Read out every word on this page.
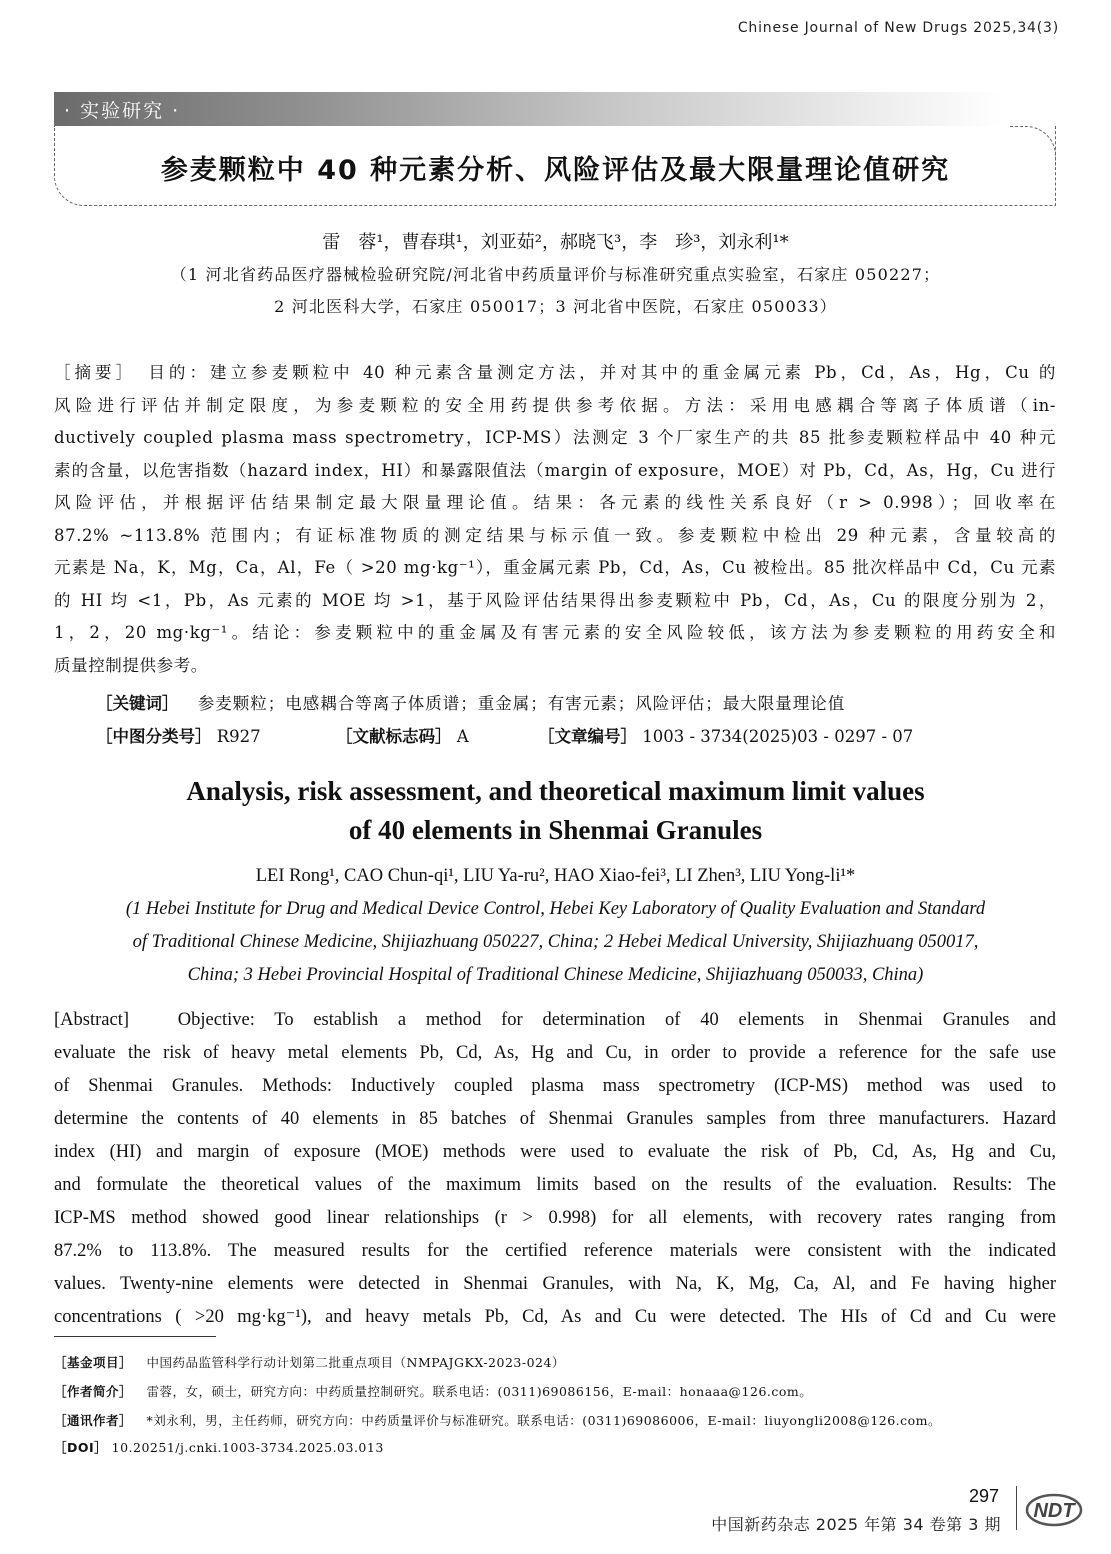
Chinese Journal of New Drugs 2025,34(3)
· 实验研究 ·
参麦颗粒中 40 种元素分析、风险评估及最大限量理论值研究
雷　蓉¹，曹春琪¹，刘亚茹²，郝晓飞³，李　珍³，刘永利¹*
（1 河北省药品医疗器械检验研究院/河北省中药质量评价与标准研究重点实验室，石家庄 050227；
2 河北医科大学，石家庄 050017；3 河北省中医院，石家庄 050033）
［摘要］　目的：建立参麦颗粒中 40 种元素含量测定方法，并对其中的重金属元素 Pb，Cd，As，Hg，Cu 的
风险进行评估并制定限度，为参麦颗粒的安全用药提供参考依据。方法：采用电感耦合等离子体质谱（in-
ductively coupled plasma mass spectrometry，ICP-MS）法测定 3 个厂家生产的共 85 批参麦颗粒样品中 40 种元
素的含量，以危害指数（hazard index，HI）和暴露限值法（margin of exposure，MOE）对 Pb，Cd，As，Hg，Cu 进行
风险评估，并根据评估结果制定最大限量理论值。结果：各元素的线性关系良好（r > 0.998）；回收率在
87.2% ~113.8% 范围内；有证标准物质的测定结果与标示值一致。参麦颗粒中检出 29 种元素，含量较高的
元素是 Na，K，Mg，Ca，Al，Fe（ >20 mg·kg⁻¹），重金属元素 Pb，Cd，As，Cu 被检出。85 批次样品中 Cd，Cu 元素
的 HI 均 <1，Pb，As 元素的 MOE 均 >1，基于风险评估结果得出参麦颗粒中 Pb，Cd，As，Cu 的限度分别为 2，
1，2，20 mg·kg⁻¹。结论：参麦颗粒中的重金属及有害元素的安全风险较低，该方法为参麦颗粒的用药安全和
质量控制提供参考。
［关键词］ 参麦颗粒；电感耦合等离子体质谱；重金属；有害元素；风险评估；最大限量理论值
［中图分类号］ R927	［文献标志码］ A	［文章编号］ 1003 - 3734(2025)03 - 0297 - 07
Analysis, risk assessment, and theoretical maximum limit values
of 40 elements in Shenmai Granules
LEI Rong¹, CAO Chun-qi¹, LIU Ya-ru², HAO Xiao-fei³, LI Zhen³, LIU Yong-li¹*
(1 Hebei Institute for Drug and Medical Device Control, Hebei Key Laboratory of Quality Evaluation and Standard
of Traditional Chinese Medicine, Shijiazhuang 050227, China; 2 Hebei Medical University, Shijiazhuang 050017,
China; 3 Hebei Provincial Hospital of Traditional Chinese Medicine, Shijiazhuang 050033, China)
[Abstract]　Objective: To establish a method for determination of 40 elements in Shenmai Granules and
evaluate the risk of heavy metal elements Pb, Cd, As, Hg and Cu, in order to provide a reference for the safe use
of Shenmai Granules. Methods: Inductively coupled plasma mass spectrometry (ICP-MS) method was used to
determine the contents of 40 elements in 85 batches of Shenmai Granules samples from three manufacturers. Hazard
index (HI) and margin of exposure (MOE) methods were used to evaluate the risk of Pb, Cd, As, Hg and Cu,
and formulate the theoretical values of the maximum limits based on the results of the evaluation. Results: The
ICP-MS method showed good linear relationships (r > 0.998) for all elements, with recovery rates ranging from
87.2% to 113.8%. The measured results for the certified reference materials were consistent with the indicated
values. Twenty-nine elements were detected in Shenmai Granules, with Na, K, Mg, Ca, Al, and Fe having higher
concentrations ( >20 mg·kg⁻¹), and heavy metals Pb, Cd, As and Cu were detected. The HIs of Cd and Cu were
［基金项目］ 中国药品监管科学行动计划第二批重点项目（NMPAJGKX-2023-024）
［作者简介］ 雷蓉，女，硕士，研究方向：中药质量控制研究。联系电话：(0311)69086156，E-mail：honaaa@126.com。
［通讯作者］ *刘永利，男，主任药师，研究方向：中药质量评价与标准研究。联系电话：(0311)69086006，E-mail：liuyongli2008@126.com。
［DOI］ 10.20251/j.cnki.1003-3734.2025.03.013
297
中国新药杂志 2025 年第 34 卷第 3 期
NDT
